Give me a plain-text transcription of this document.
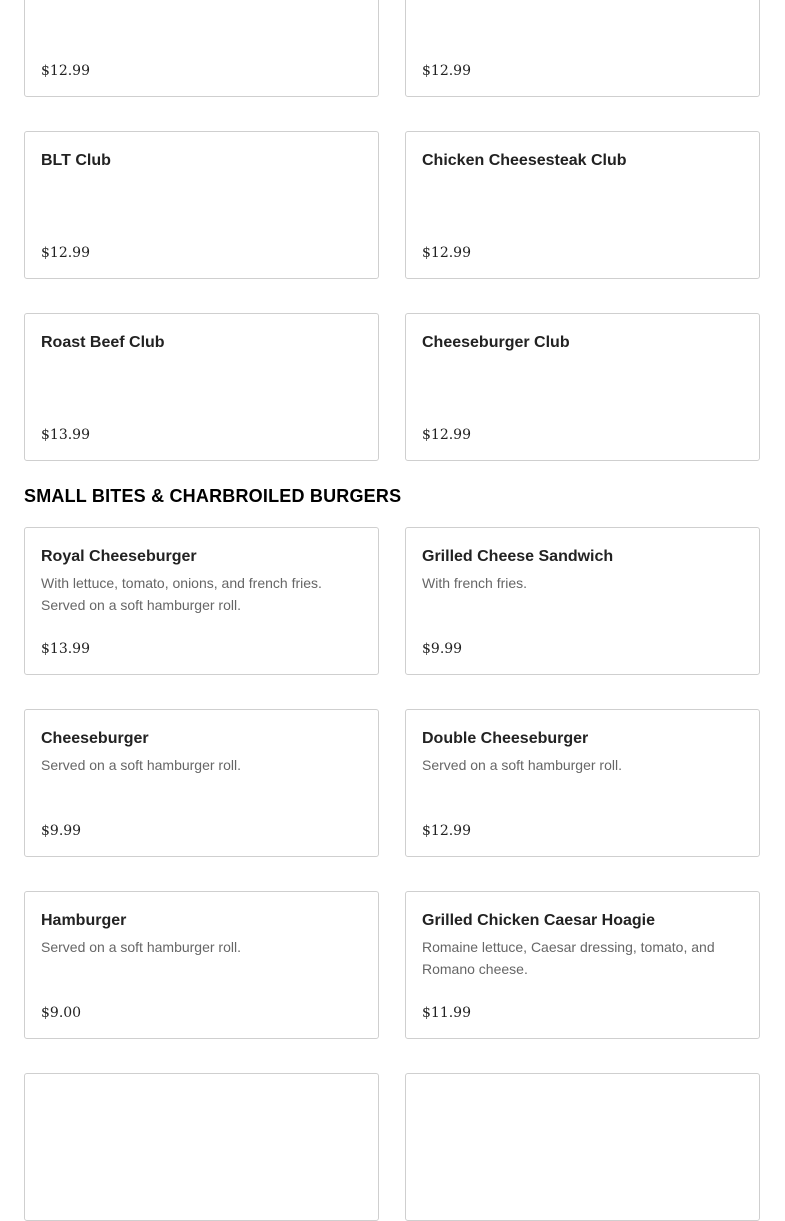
$12.99	$12.99
BLT Club
$12.99
Chicken Cheesesteak Club
$12.99
Roast Beef Club
$13.99
Cheeseburger Club
$12.99
SMALL BITES & CHARBROILED BURGERS
Royal Cheeseburger
With lettuce, tomato, onions, and french fries. Served on a soft hamburger roll.
$13.99
Grilled Cheese Sandwich
With french fries.
$9.99
Cheeseburger
Served on a soft hamburger roll.
$9.99
Double Cheeseburger
Served on a soft hamburger roll.
$12.99
Hamburger
Served on a soft hamburger roll.
$9.00
Grilled Chicken Caesar Hoagie
Romaine lettuce, Caesar dressing, tomato, and Romano cheese.
$11.99
